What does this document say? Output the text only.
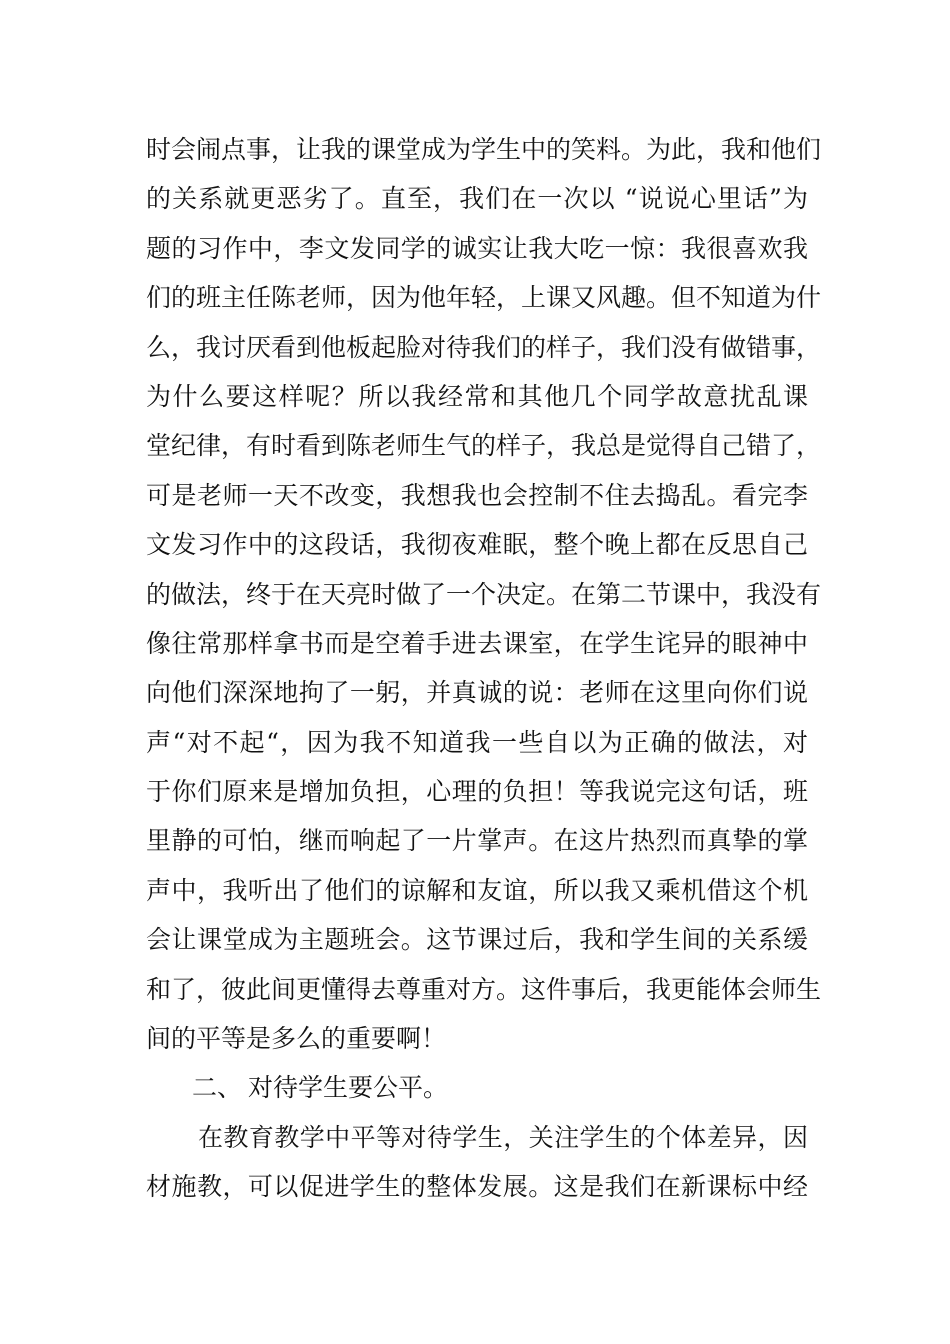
时会闹点事，让我的课堂成为学生中的笑料。为此，我和他们
的关系就更恶劣了。直至，我们在一次以 “说说心里话”为
题的习作中，李文发同学的诚实让我大吃一惊：我很喜欢我
们的班主任陈老师，因为他年轻，上课又风趣。但不知道为什
么，我讨厌看到他板起脸对待我们的样子，我们没有做错事，
为什么要这样呢？所以我经常和其他几个同学故意扰乱课
堂纪律，有时看到陈老师生气的样子，我总是觉得自己错了，
可是老师一天不改变，我想我也会控制不住去捣乱。看完李
文发习作中的这段话，我彻夜难眠，整个晚上都在反思自己
的做法，终于在天亮时做了一个决定。在第二节课中，我没有
像往常那样拿书而是空着手进去课室，在学生诧异的眼神中
向他们深深地拘了一躬，并真诚的说：老师在这里向你们说
声“对不起“，因为我不知道我一些自以为正确的做法，对
于你们原来是增加负担，心理的负担！等我说完这句话，班
里静的可怕，继而响起了一片掌声。在这片热烈而真挚的掌
声中，我听出了他们的谅解和友谊，所以我又乘机借这个机
会让课堂成为主题班会。这节课过后，我和学生间的关系缓
和了，彼此间更懂得去尊重对方。这件事后，我更能体会师生
间的平等是多么的重要啊！
二、 对待学生要公平。
在教育教学中平等对待学生，关注学生的个体差异，因
材施教，可以促进学生的整体发展。这是我们在新课标中经
